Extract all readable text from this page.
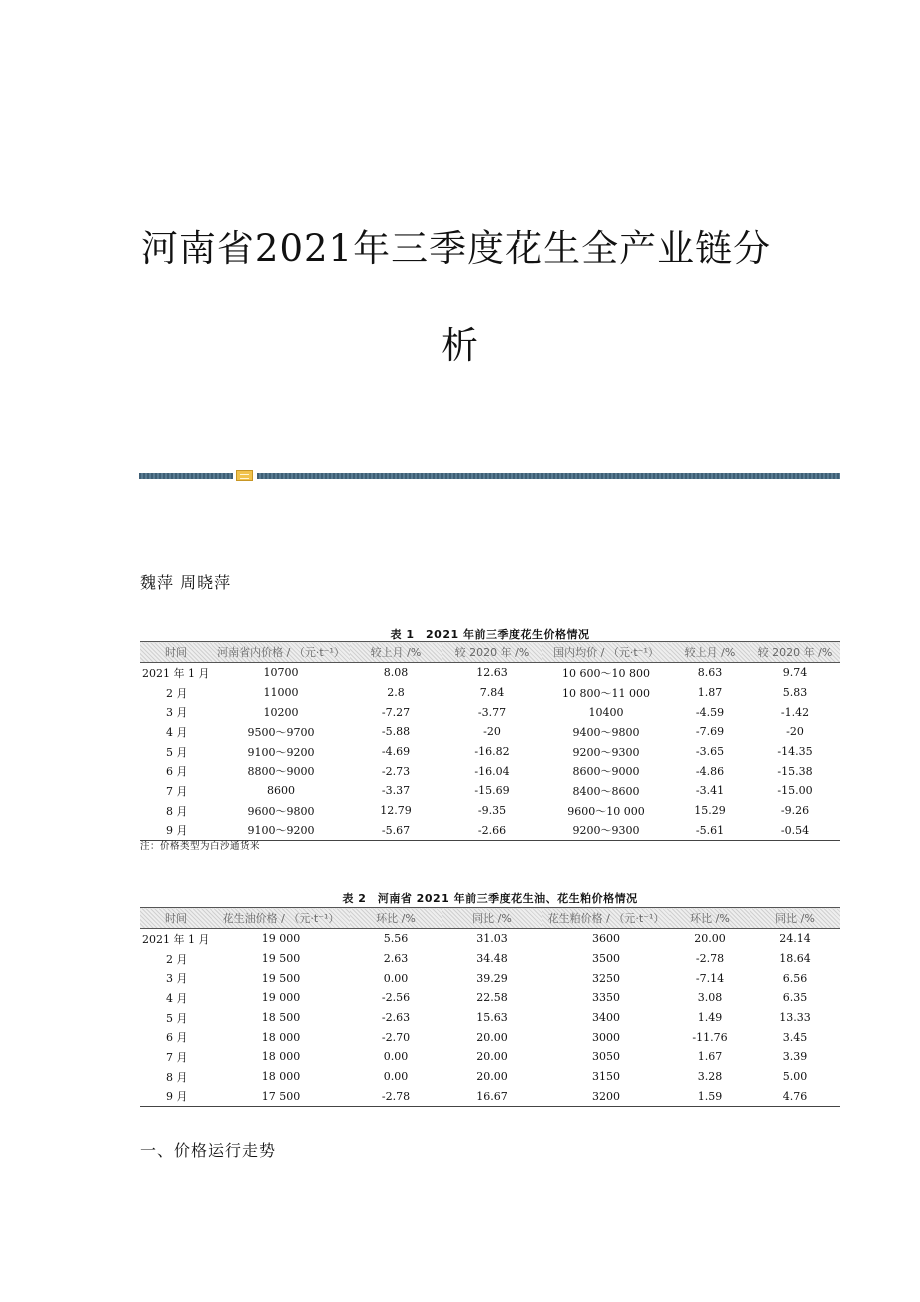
河南省2021年三季度花生全产业链分
析
魏萍 周晓萍
表 1　2021 年前三季度花生价格情况
时间	河南省内价格 / （元·t⁻¹）	较上月 /%	较 2020 年 /%	国内均价 / （元·t⁻¹）	较上月 /%	较 2020 年 /%
2021 年 1 月	10700	8.08	12.63	10 600～10 800	8.63	9.74
2 月	11000	2.8	7.84	10 800～11 000	1.87	5.83
3 月	10200	-7.27	-3.77	10400	-4.59	-1.42
4 月	9500～9700	-5.88	-20	9400～9800	-7.69	-20
5 月	9100～9200	-4.69	-16.82	9200～9300	-3.65	-14.35
6 月	8800～9000	-2.73	-16.04	8600～9000	-4.86	-15.38
7 月	8600	-3.37	-15.69	8400～8600	-3.41	-15.00
8 月	9600～9800	12.79	-9.35	9600～10 000	15.29	-9.26
9 月	9100～9200	-5.67	-2.66	9200～9300	-5.61	-0.54
注：价格类型为白沙通货米
表 2　河南省 2021 年前三季度花生油、花生粕价格情况
时间	花生油价格 / （元·t⁻¹）	环比 /%	同比 /%	花生粕价格 / （元·t⁻¹）	环比 /%	同比 /%
2021 年 1 月	19 000	5.56	31.03	3600	20.00	24.14
2 月	19 500	2.63	34.48	3500	-2.78	18.64
3 月	19 500	0.00	39.29	3250	-7.14	6.56
4 月	19 000	-2.56	22.58	3350	3.08	6.35
5 月	18 500	-2.63	15.63	3400	1.49	13.33
6 月	18 000	-2.70	20.00	3000	-11.76	3.45
7 月	18 000	0.00	20.00	3050	1.67	3.39
8 月	18 000	0.00	20.00	3150	3.28	5.00
9 月	17 500	-2.78	16.67	3200	1.59	4.76
一、价格运行走势
